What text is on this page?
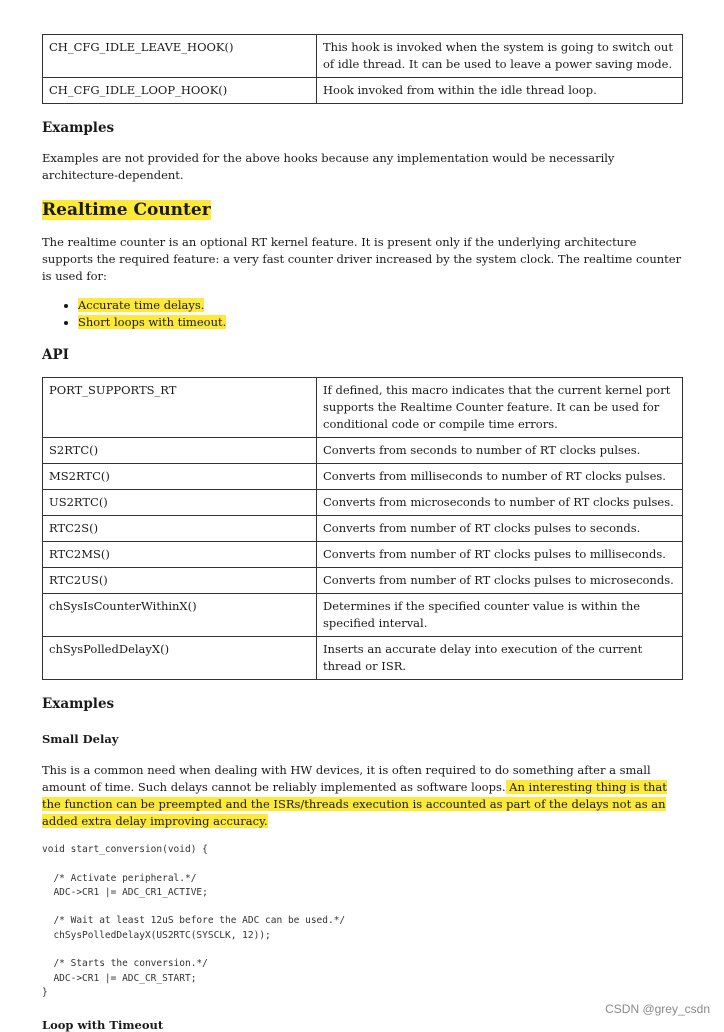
CH_CFG_IDLE_LEAVE_HOOK()	This hook is invoked when the system is going to switch out of idle thread. It can be used to leave a power saving mode.
CH_CFG_IDLE_LOOP_HOOK()	Hook invoked from within the idle thread loop.
Examples

Examples are not provided for the above hooks because any implementation would be necessarily architecture-dependent.

Realtime Counter

The realtime counter is an optional RT kernel feature. It is present only if the underlying architecture supports the required feature: a very fast counter driver increased by the system clock. The realtime counter is used for:

• Accurate time delays.
• Short loops with timeout.
API
PORT_SUPPORTS_RT	If defined, this macro indicates that the current kernel port supports the Realtime Counter feature. It can be used for conditional code or compile time errors.
S2RTC()	Converts from seconds to number of RT clocks pulses.
MS2RTC()	Converts from milliseconds to number of RT clocks pulses.
US2RTC()	Converts from microseconds to number of RT clocks pulses.
RTC2S()	Converts from number of RT clocks pulses to seconds.
RTC2MS()	Converts from number of RT clocks pulses to milliseconds.
RTC2US()	Converts from number of RT clocks pulses to microseconds.
chSysIsCounterWithinX()	Determines if the specified counter value is within the specified interval.
chSysPolledDelayX()	Inserts an accurate delay into execution of the current thread or ISR.
Examples
Small Delay

This is a common need when dealing with HW devices, it is often required to do something after a small amount of time. Such delays cannot be reliably implemented as software loops. An interesting thing is that the function can be preempted and the ISRs/threads execution is accounted as part of the delays not as an added extra delay improving accuracy.

void start_conversion(void) {

/* Activate peripheral.*/
ADC->CR1 |= ADC_CR1_ACTIVE;

/* Wait at least 12uS before the ADC can be used.*/
chSysPolledDelayX(US2RTC(SYSCLK, 12));

/* Starts the conversion.*/
ADC->CR1 |= ADC_CR_START;
}
Loop with Timeout
CSDN @grey_csdn
